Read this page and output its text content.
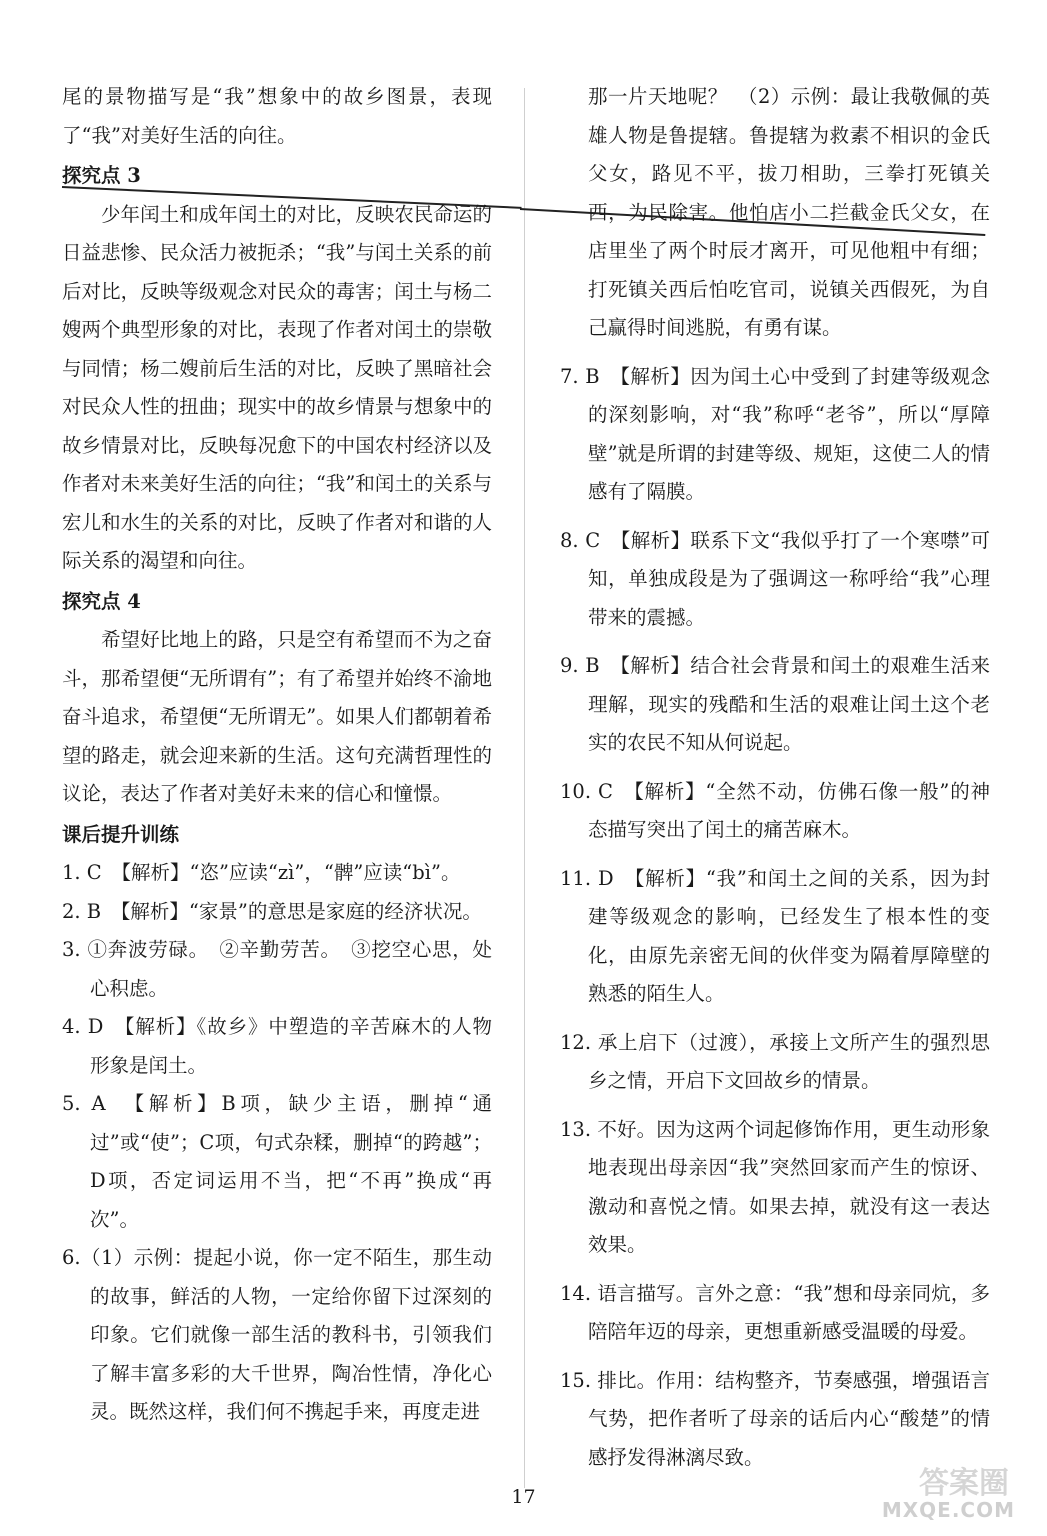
尾的景物描写是“我”想象中的故乡图景，表现了“我”对美好生活的向往。

探究点 3

少年闰土和成年闰土的对比，反映农民命运的日益悲惨、民众活力被扼杀；“我”与闰土关系的前后对比，反映等级观念对民众的毒害；闰土与杨二嫂两个典型形象的对比，表现了作者对闰土的崇敬与同情；杨二嫂前后生活的对比，反映了黑暗社会对民众人性的扭曲；现实中的故乡情景与想象中的故乡情景对比，反映每况愈下的中国农村经济以及作者对未来美好生活的向往；“我”和闰土的关系与宏儿和水生的关系的对比，反映了作者对和谐的人际关系的渴望和向往。

探究点 4

希望好比地上的路，只是空有希望而不为之奋斗，那希望便“无所谓有”；有了希望并始终不渝地奋斗追求，希望便“无所谓无”。如果人们都朝着希望的路走，就会迎来新的生活。这句充满哲理性的议论，表达了作者对美好未来的信心和憧憬。

课后提升训练

1. C　【解析】“恣”应读“zì”，“髀”应读“bì”。

2. B　【解析】“家景”的意思是家庭的经济状况。

3. ①奔波劳碌。　②辛勤劳苦。　③挖空心思，处心积虑。

4. D　【解析】《故乡》中塑造的辛苦麻木的人物形象是闰土。

5. A　【解析】B项，缺少主语，删掉“通过”或“使”；C项，句式杂糅，删掉“的跨越”；D项，否定词运用不当，把“不再”换成“再次”。

6.（1）示例：提起小说，你一定不陌生，那生动的故事，鲜活的人物，一定给你留下过深刻的印象。它们就像一部生活的教科书，引领我们了解丰富多彩的大千世界，陶冶性情，净化心灵。既然这样，我们何不携起手来，再度走进

那一片天地呢？　（2）示例：最让我敬佩的英雄人物是鲁提辖。鲁提辖为救素不相识的金氏父女，路见不平，拔刀相助，三拳打死镇关西，为民除害。他怕店小二拦截金氏父女，在店里坐了两个时辰才离开，可见他粗中有细；打死镇关西后怕吃官司，说镇关西假死，为自己赢得时间逃脱，有勇有谋。

7. B　【解析】因为闰土心中受到了封建等级观念的深刻影响，对“我”称呼“老爷”，所以“厚障壁”就是所谓的封建等级、规矩，这使二人的情感有了隔膜。

8. C　【解析】联系下文“我似乎打了一个寒噤”可知，单独成段是为了强调这一称呼给“我”心理带来的震撼。

9. B　【解析】结合社会背景和闰土的艰难生活来理解，现实的残酷和生活的艰难让闰土这个老实的农民不知从何说起。

10. C　【解析】“全然不动，仿佛石像一般”的神态描写突出了闰土的痛苦麻木。

11. D　【解析】“我”和闰土之间的关系，因为封建等级观念的影响，已经发生了根本性的变化，由原先亲密无间的伙伴变为隔着厚障壁的熟悉的陌生人。

12. 承上启下（过渡），承接上文所产生的强烈思乡之情，开启下文回故乡的情景。

13. 不好。因为这两个词起修饰作用，更生动形象地表现出母亲因“我”突然回家而产生的惊讶、激动和喜悦之情。如果去掉，就没有这一表达效果。

14. 语言描写。言外之意：“我”想和母亲同炕，多陪陪年迈的母亲，更想重新感受温暖的母爱。

15. 排比。作用：结构整齐，节奏感强，增强语言气势，把作者听了母亲的话后内心“酸楚”的情感抒发得淋漓尽致。

17	答案圈
MXQE.COM
